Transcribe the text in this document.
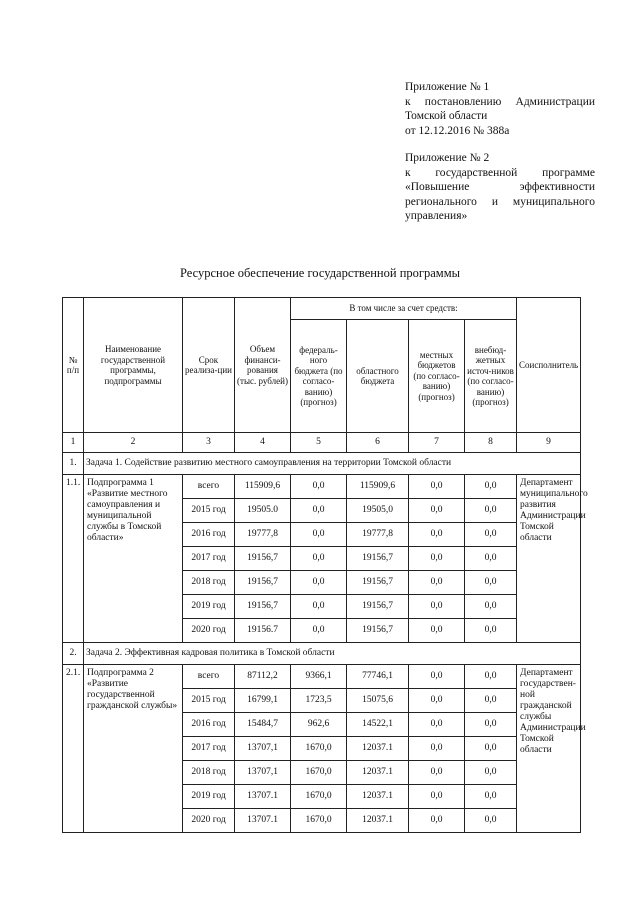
Приложение № 1
к постановлению Администрации
Томской области
от 12.12.2016 № 388а
Приложение № 2
к государственной программе
«Повышение эффективности
регионального и муниципального
управления»
Ресурсное обеспечение государственной программы
№ п/п	Наименование государственной программы, подпрограммы	Срок реализа-ции	Объем финанси-рования (тыс. рублей)	В том числе за счет средств:				Соисполнитель
				федераль-ного бюджета (по согласо-ванию) (прогноз)	областного бюджета	местных бюджетов (по согласо-ванию) (прогноз)	внебюд-жетных источ-ников (по согласо-ванию) (прогноз)	
1	2	3	4	5	6	7	8	9
1.	Задача 1. Содействие развитию местного самоуправления на территории Томской области							
1.1.	Подпрограмма 1 «Развитие местного самоуправления и муниципальной службы в Томской области»	всего	115909,6	0,0	115909,6	0,0	0,0	Департамент муниципального развития Администрации Томской области
		2015 год	19505.0	0,0	19505,0	0,0	0,0	
		2016 год	19777,8	0,0	19777,8	0,0	0,0	
		2017 год	19156,7	0,0	19156,7	0,0	0,0	
		2018 год	19156,7	0,0	19156,7	0,0	0,0	
		2019 год	19156,7	0,0	19156,7	0,0	0,0	
		2020 год	19156.7	0,0	19156,7	0,0	0,0	
2.	Задача 2. Эффективная кадровая политика в Томской области							
2.1.	Подпрограмма 2 «Развитие государственной гражданской службы»	всего	87112,2	9366,1	77746,1	0,0	0,0	Департамент государствен-ной гражданской службы Администрации Томской области
		2015 год	16799,1	1723,5	15075,6	0,0	0,0	
		2016 год	15484,7	962,6	14522,1	0,0	0,0	
		2017 год	13707,1	1670,0	12037.1	0,0	0,0	
		2018 год	13707,1	1670,0	12037.1	0,0	0,0	
		2019 год	13707.1	1670,0	12037.1	0,0	0,0	
		2020 год	13707.1	1670,0	12037.1	0,0	0,0	
